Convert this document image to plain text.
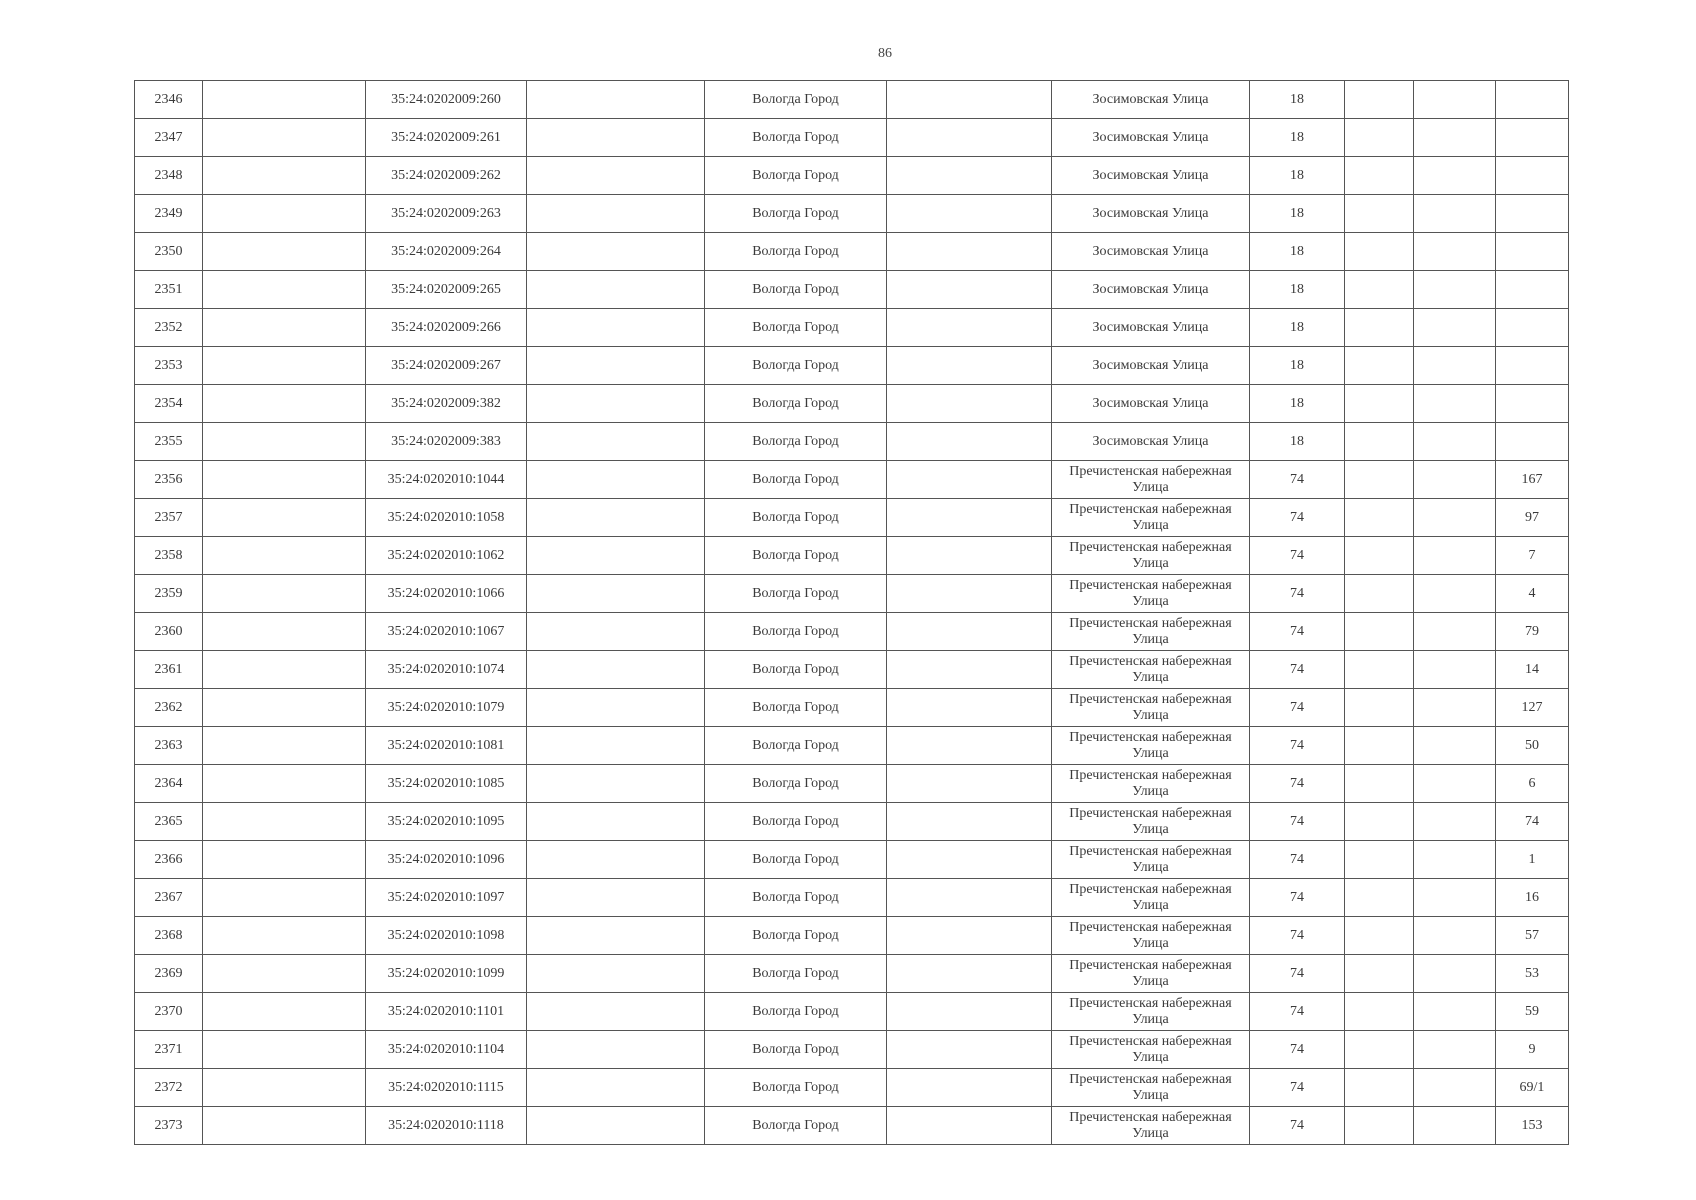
86
2346		35:24:0202009:260		Вологда Город		Зосимовская Улица	18			
2347		35:24:0202009:261		Вологда Город		Зосимовская Улица	18			
2348		35:24:0202009:262		Вологда Город		Зосимовская Улица	18			
2349		35:24:0202009:263		Вологда Город		Зосимовская Улица	18			
2350		35:24:0202009:264		Вологда Город		Зосимовская Улица	18			
2351		35:24:0202009:265		Вологда Город		Зосимовская Улица	18			
2352		35:24:0202009:266		Вологда Город		Зосимовская Улица	18			
2353		35:24:0202009:267		Вологда Город		Зосимовская Улица	18			
2354		35:24:0202009:382		Вологда Город		Зосимовская Улица	18			
2355		35:24:0202009:383		Вологда Город		Зосимовская Улица	18			
2356		35:24:0202010:1044		Вологда Город		Пречистенская набережная Улица	74			167
2357		35:24:0202010:1058		Вологда Город		Пречистенская набережная Улица	74			97
2358		35:24:0202010:1062		Вологда Город		Пречистенская набережная Улица	74			7
2359		35:24:0202010:1066		Вологда Город		Пречистенская набережная Улица	74			4
2360		35:24:0202010:1067		Вологда Город		Пречистенская набережная Улица	74			79
2361		35:24:0202010:1074		Вологда Город		Пречистенская набережная Улица	74			14
2362		35:24:0202010:1079		Вологда Город		Пречистенская набережная Улица	74			127
2363		35:24:0202010:1081		Вологда Город		Пречистенская набережная Улица	74			50
2364		35:24:0202010:1085		Вологда Город		Пречистенская набережная Улица	74			6
2365		35:24:0202010:1095		Вологда Город		Пречистенская набережная Улица	74			74
2366		35:24:0202010:1096		Вологда Город		Пречистенская набережная Улица	74			1
2367		35:24:0202010:1097		Вологда Город		Пречистенская набережная Улица	74			16
2368		35:24:0202010:1098		Вологда Город		Пречистенская набережная Улица	74			57
2369		35:24:0202010:1099		Вологда Город		Пречистенская набережная Улица	74			53
2370		35:24:0202010:1101		Вологда Город		Пречистенская набережная Улица	74			59
2371		35:24:0202010:1104		Вологда Город		Пречистенская набережная Улица	74			9
2372		35:24:0202010:1115		Вологда Город		Пречистенская набережная Улица	74			69/1
2373		35:24:0202010:1118		Вологда Город		Пречистенская набережная Улица	74			153
